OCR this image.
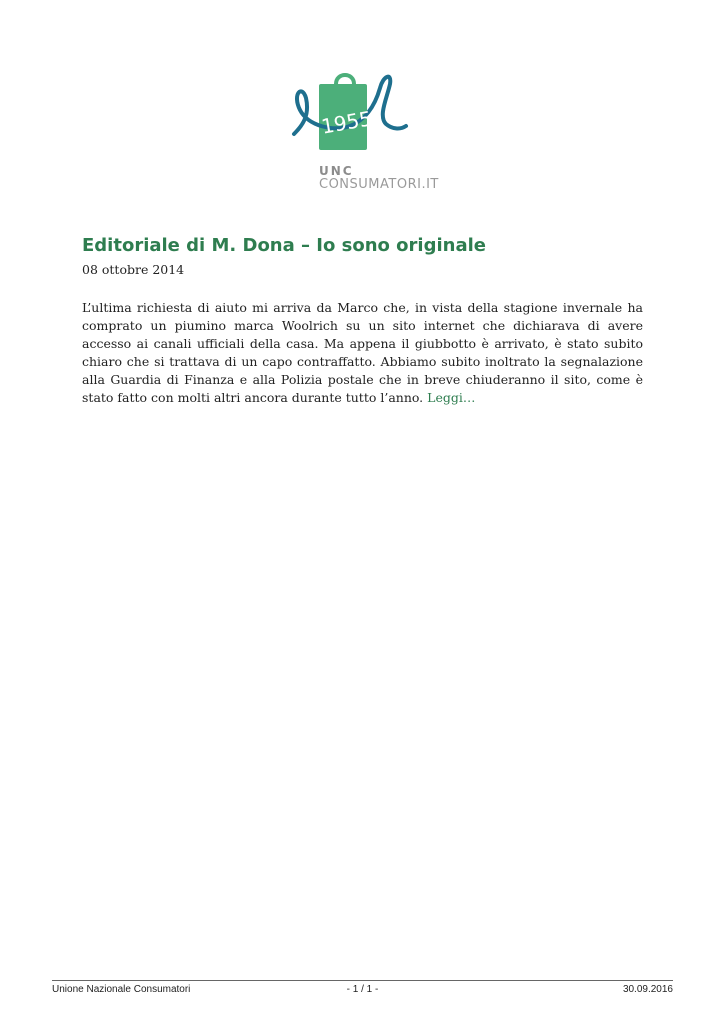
1955
UNC
CONSUMATORI.IT
Editoriale di M. Dona – Io sono originale

08 ottobre 2014

L’ultima richiesta di aiuto mi arriva da Marco che, in vista della stagione invernale ha comprato un piumino marca Woolrich su un sito internet che dichiarava di avere accesso ai canali ufficiali della casa. Ma appena il giubbotto è arrivato, è stato subito chiaro che si trattava di un capo contraffatto. Abbiamo subito inoltrato la segnalazione alla Guardia di Finanza e alla Polizia postale che in breve chiuderanno il sito, come è stato fatto con molti altri ancora durante tutto l’anno. Leggi…

Unione Nazionale Consumatori	- 1 / 1 -	30.09.2016
